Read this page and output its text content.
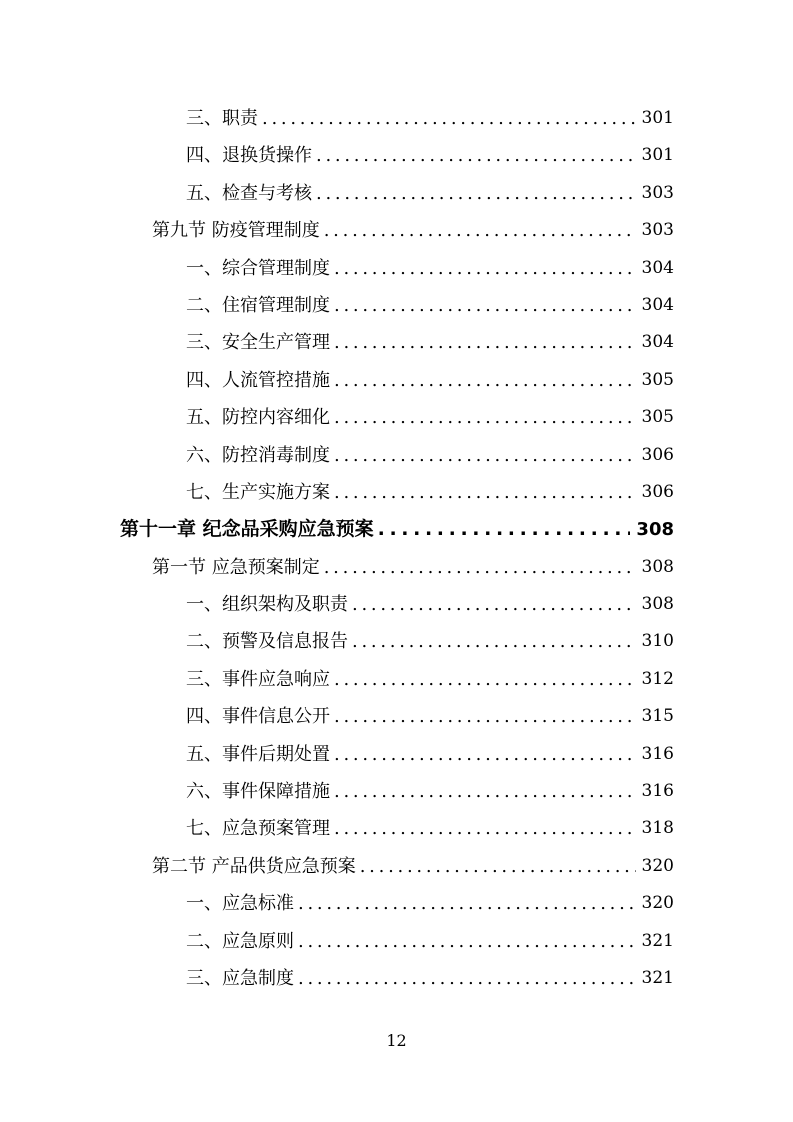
三、职责 . . .	301
四、退换货操作 . . .	301
五、检查与考核 . . .	303
第九节 防疫管理制度 . . .	303
一、综合管理制度 . . .	304
二、住宿管理制度 . . .	304
三、安全生产管理 . . .	304
四、人流管控措施 . . .	305
五、防控内容细化 . . .	305
六、防控消毒制度 . . .	306
七、生产实施方案 . . .	306
第十一章 纪念品采购应急预案 . . .	308
第一节 应急预案制定 . . .	308
一、组织架构及职责 . . .	308
二、预警及信息报告 . . .	310
三、事件应急响应 . . .	312
四、事件信息公开 . . .	315
五、事件后期处置 . . .	316
六、事件保障措施 . . .	316
七、应急预案管理 . . .	318
第二节 产品供货应急预案 . . .	320
一、应急标准 . . .	320
二、应急原则 . . .	321
三、应急制度 . . .	321
12
